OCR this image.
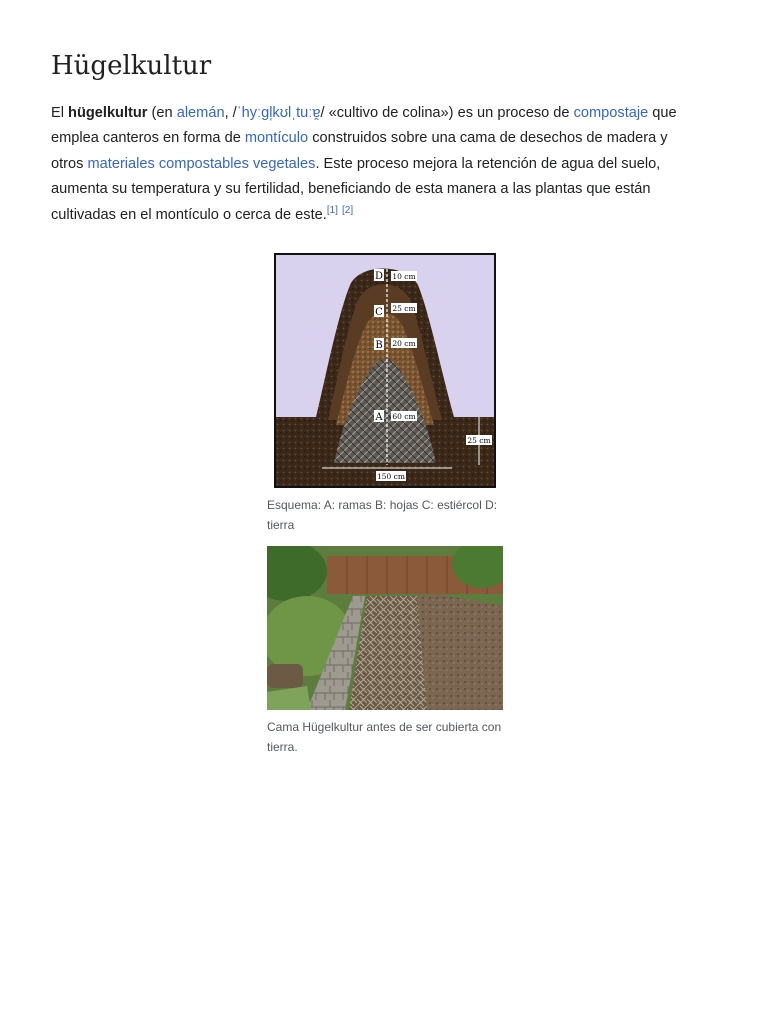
Hügelkultur

El hügelkultur (en alemán, /ˈhyːɡl̩kʊlˌtuːɐ̯/ «cultivo de colina») es un proceso de compostaje que emplea canteros en forma de montículo construidos sobre una cama de desechos de madera y otros materiales compostables vegetales. Este proceso mejora la retención de agua del suelo, aumenta su temperatura y su fertilidad, beneficiando de esta manera a las plantas que están cultivadas en el montículo o cerca de este.[1] [2]

D
C
B
A
10 cm
25 cm
20 cm
60 cm
25 cm
150 cm
Esquema: A: ramas B: hojas C: estiércol D: tierra
Cama Hügelkultur antes de ser cubierta con tierra.
